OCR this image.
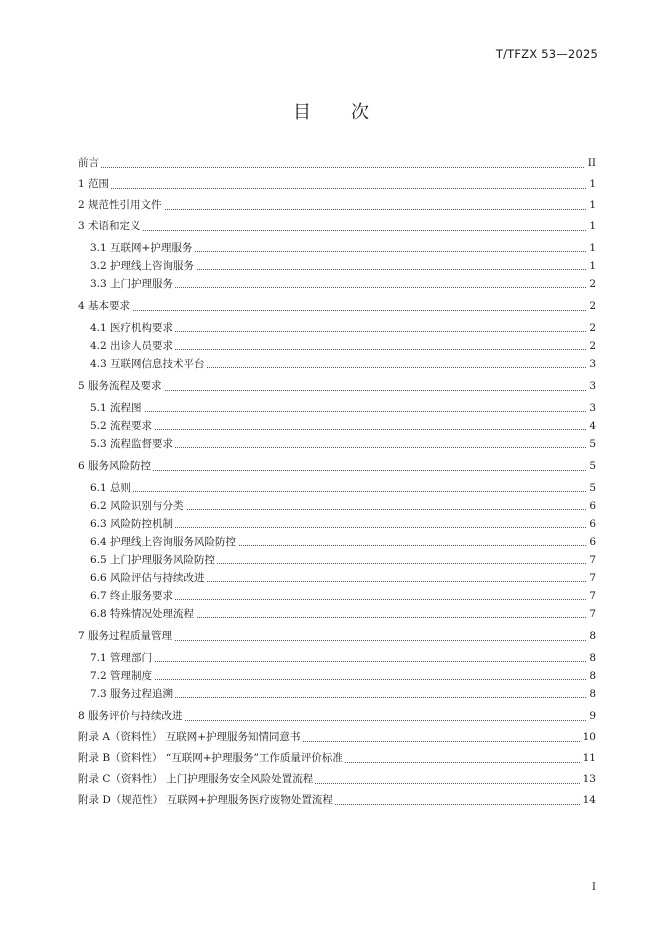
T/TFZX 53—2025
目 次
前言	II
1 范围	1
2 规范性引用文件	1
3 术语和定义	1
3.1 互联网+护理服务	1
3.2 护理线上咨询服务	1
3.3 上门护理服务	2
4 基本要求	2
4.1 医疗机构要求	2
4.2 出诊人员要求	2
4.3 互联网信息技术平台	3
5 服务流程及要求	3
5.1 流程图	3
5.2 流程要求	4
5.3 流程监督要求	5
6 服务风险防控	5
6.1 总则	5
6.2 风险识别与分类	6
6.3 风险防控机制	6
6.4 护理线上咨询服务风险防控	6
6.5 上门护理服务风险防控	7
6.6 风险评估与持续改进	7
6.7 终止服务要求	7
6.8 特殊情况处理流程	7
7 服务过程质量管理	8
7.1 管理部门	8
7.2 管理制度	8
7.3 服务过程追溯	8
8 服务评价与持续改进	9
附录 A（资料性） 互联网+护理服务知情同意书	10
附录 B（资料性） “互联网+护理服务”工作质量评价标准	11
附录 C（资料性） 上门护理服务安全风险处置流程	13
附录 D（规范性） 互联网+护理服务医疗废物处置流程	14
I
